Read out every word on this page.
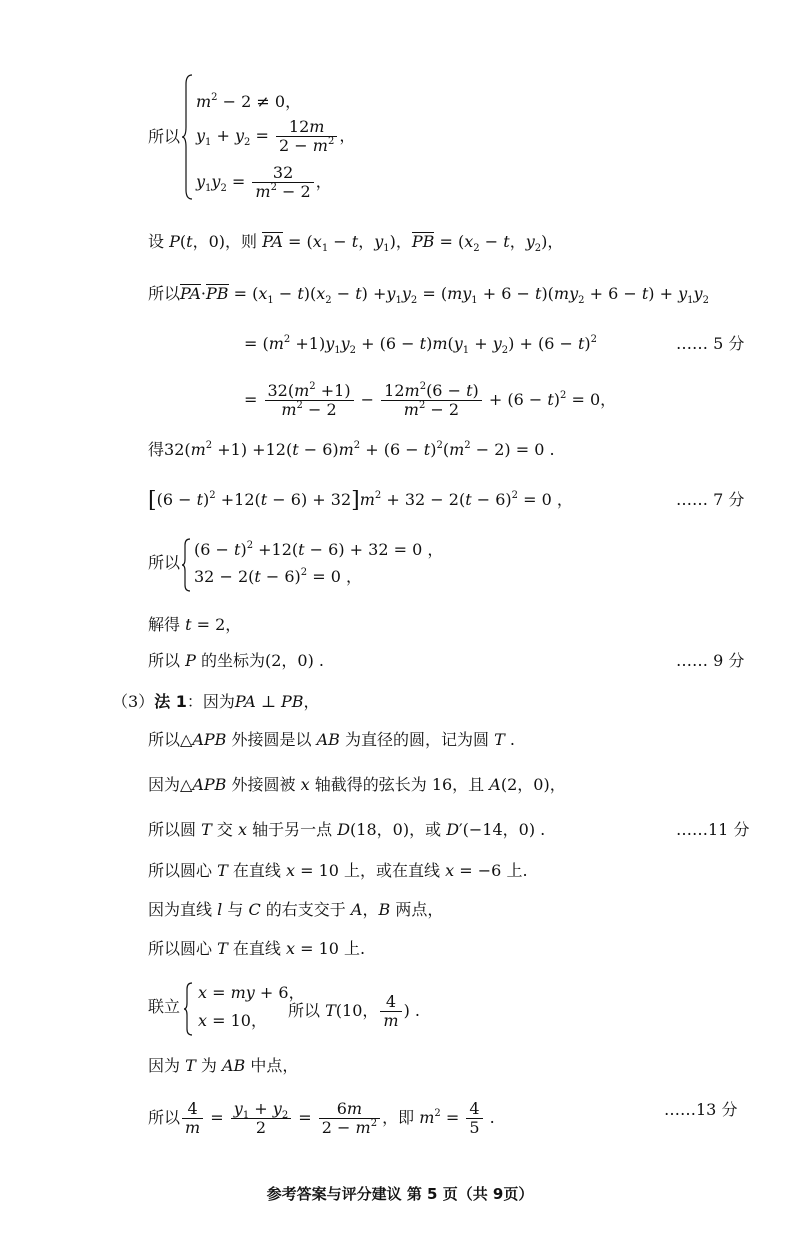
所以
$m^2 - 2 \ne 0$，
$y_1 + y_2 = \frac{12m}{2 - m^2}$ ，
$y_1y_2 = \frac{32}{m^2 - 2}$ ，
设 P(t，0)，则 PA = ($x_1 - t$，$y_1$)，PB = ($x_2 - t$，$y_2$)，
所以$PA\cdot PB = (x_1 - t)(x_2 - t) +y_1y_2 = (my_1 + 6 - t)(my_2 + 6 - t) + y_1y_2$
= $(m^2 +1)y_1y_2 + (6 - t)m(y_1 + y_2) + (6 - t)^2$	…… 5 分
= $\frac{32(m^2 +1)}{m^2 - 2} - \frac{12m^2(6 - t)}{m^2 - 2} + (6 - t)^2 = 0$，
得$32(m^2 +1) +12(t - 6)m^2 + (6 - t)^2(m^2 - 2) = 0$ .
$[(6 - t)^2 +12(t - 6) + 32]m^2 + 32 - 2(t - 6)^2 = 0$ ，	…… 7 分
所以
$(6 - t)^2 +12(t - 6) + 32 = 0$ ，
$32 - 2(t - 6)^2 = 0$ ，
解得 t = 2，
所以 P 的坐标为(2，0) .	…… 9 分
（3）法 1：因为PA ⊥ PB，
所以△APB 外接圆是以 AB 为直径的圆，记为圆 T .
因为△APB 外接圆被 x 轴截得的弦长为 16，且 A(2，0)，
所以圆 T 交 x 轴于另一点 D(18，0)，或 D′(−14，0) .	……11 分
所以圆心 T 在直线 x = 10 上，或在直线 x = −6 上.
因为直线 l 与 C 的右支交于 A，B 两点，
所以圆心 T 在直线 x = 10 上.
联立
x = my + 6，
x = 10，
所以 T(10， $\frac{4}{m}$ ) .
因为 T 为 AB 中点，
所以 $\frac{4}{m} = \frac{y_1 + y_2}{2} = \frac{6m}{2 - m^2}$ ，即 $m^2 = \frac{4}{5}$ .	……13 分
参考答案与评分建议 第 5 页（共 9页）
